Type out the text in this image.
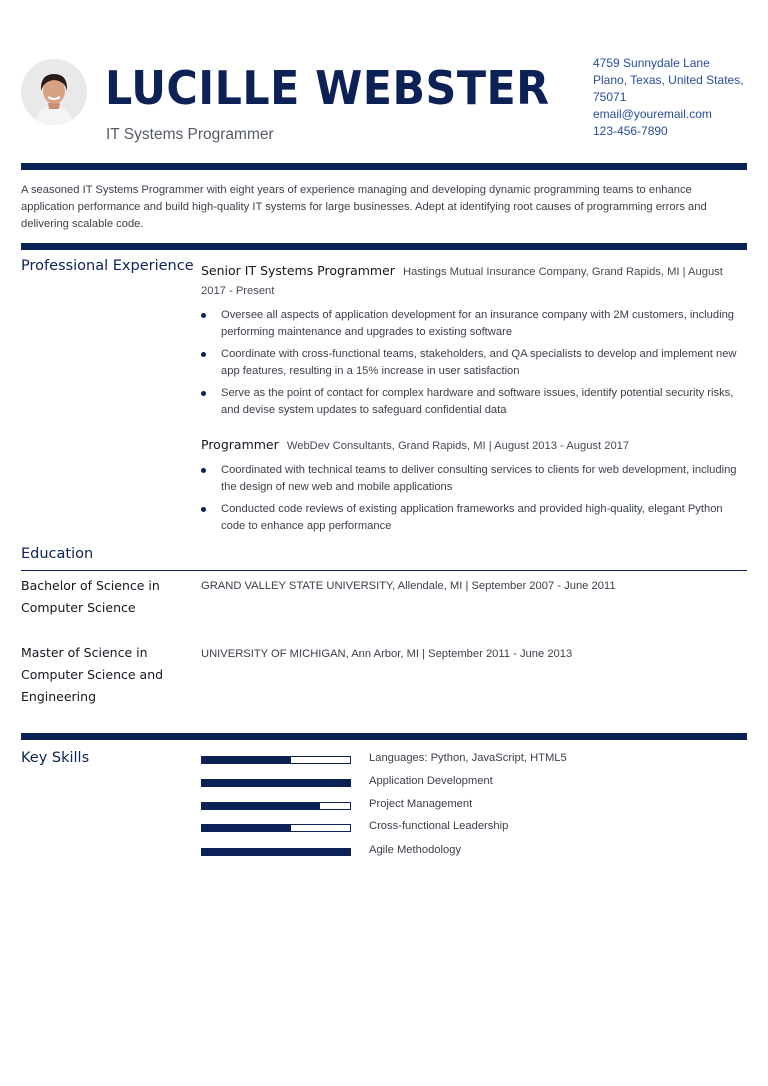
LUCILLE WEBSTER
IT Systems Programmer
4759 Sunnydale Lane
Plano, Texas, United States,
75071
email@youremail.com
123-456-7890
A seasoned IT Systems Programmer with eight years of experience managing and developing dynamic programming teams to enhance application performance and build high-quality IT systems for large businesses. Adept at identifying root causes of programming errors and delivering scalable code.
Professional Experience Senior IT Systems Programmer Hastings Mutual Insurance Company, Grand Rapids, MI | August 2017 - Present
Oversee all aspects of application development for an insurance company with 2M customers, including performing maintenance and upgrades to existing software
Coordinate with cross-functional teams, stakeholders, and QA specialists to develop and implement new app features, resulting in a 15% increase in user satisfaction
Serve as the point of contact for complex hardware and software issues, identify potential security risks, and devise system updates to safeguard confidential data
Programmer WebDev Consultants, Grand Rapids, MI | August 2013 - August 2017
Coordinated with technical teams to deliver consulting services to clients for web development, including the design of new web and mobile applications
Conducted code reviews of existing application frameworks and provided high-quality, elegant Python code to enhance app performance
Education
Bachelor of Science in Computer Science
GRAND VALLEY STATE UNIVERSITY, Allendale, MI | September 2007 - June 2011
Master of Science in Computer Science and Engineering
UNIVERSITY OF MICHIGAN, Ann Arbor, MI | September 2011 - June 2013
Key Skills	Languages: Python, JavaScript, HTML5
Application Development
Project Management
Cross-functional Leadership
Agile Methodology
